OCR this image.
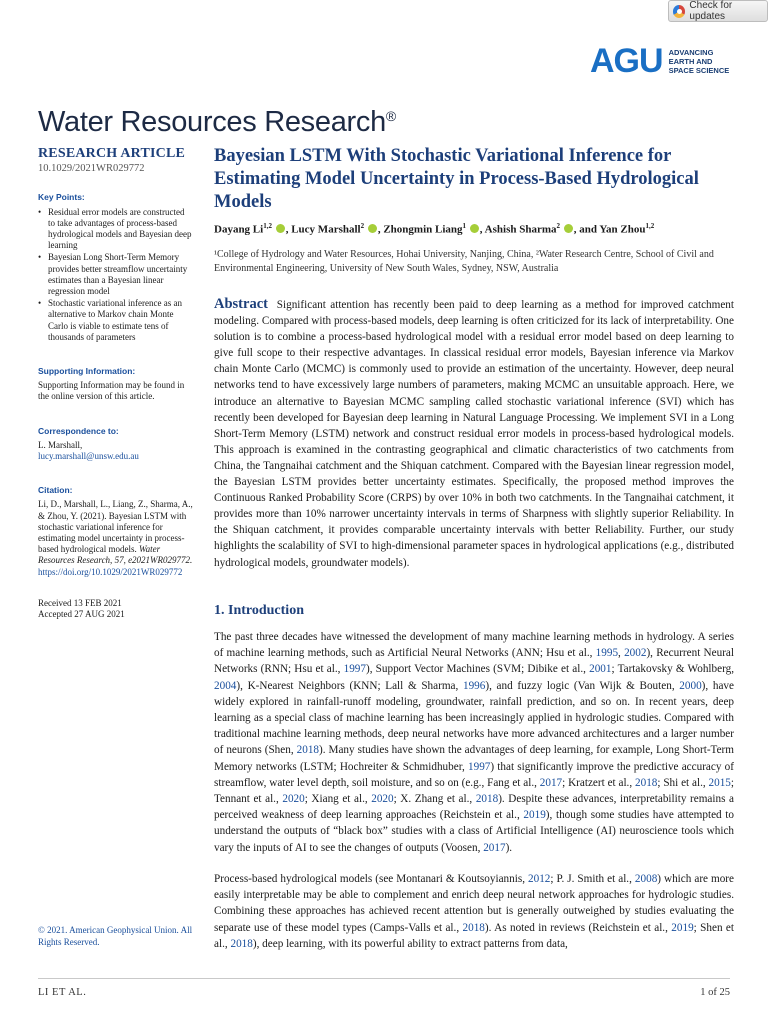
Check for updates
AGU ADVANCING
EARTH AND
SPACE SCIENCE
Water Resources Research®
RESEARCH ARTICLE
10.1029/2021WR029772
Key Points:
• Residual error models are constructed to take advantages of process-based hydrological models and Bayesian deep learning
• Bayesian Long Short-Term Memory provides better streamflow uncertainty estimates than a Bayesian linear regression model
• Stochastic variational inference as an alternative to Markov chain Monte Carlo is viable to estimate tens of thousands of parameters
Supporting Information:
Supporting Information may be found in the online version of this article.
Correspondence to:
L. Marshall,
lucy.marshall@unsw.edu.au
Citation:
Li, D., Marshall, L., Liang, Z., Sharma, A., & Zhou, Y. (2021). Bayesian LSTM with stochastic variational inference for estimating model uncertainty in process-based hydrological models. Water Resources Research, 57, e2021WR029772. https://doi.org/10.1029/2021WR029772
Received 13 FEB 2021
Accepted 27 AUG 2021
Bayesian LSTM With Stochastic Variational Inference for Estimating Model Uncertainty in Process-Based Hydrological Models
Dayang Li$^{1,2}$ , Lucy Marshall$^2$ , Zhongmin Liang$^1$ , Ashish Sharma$^2$ , and Yan Zhou$^{1,2}$
¹College of Hydrology and Water Resources, Hohai University, Nanjing, China, ²Water Research Centre, School of Civil and Environmental Engineering, University of New South Wales, Sydney, NSW, Australia
Abstract Significant attention has recently been paid to deep learning as a method for improved catchment modeling. Compared with process-based models, deep learning is often criticized for its lack of interpretability. One solution is to combine a process-based hydrological model with a residual error model based on deep learning to give full scope to their respective advantages. In classical residual error models, Bayesian inference via Markov chain Monte Carlo (MCMC) is commonly used to provide an estimation of the uncertainty. However, deep neural networks tend to have excessively large numbers of parameters, making MCMC an unsuitable approach. Here, we introduce an alternative to Bayesian MCMC sampling called stochastic variational inference (SVI) which has recently been developed for Bayesian deep learning in Natural Language Processing. We implement SVI in a Long Short-Term Memory (LSTM) network and construct residual error models in process-based hydrological models. This approach is examined in the contrasting geographical and climatic characteristics of two catchments from China, the Tangnaihai catchment and the Shiquan catchment. Compared with the Bayesian linear regression model, the Bayesian LSTM provides better uncertainty estimates. Specifically, the proposed method improves the Continuous Ranked Probability Score (CRPS) by over 10% in both two catchments. In the Tangnaihai catchment, it provides more than 10% narrower uncertainty intervals in terms of Sharpness with slightly superior Reliability. In the Shiquan catchment, it provides comparable uncertainty intervals with better Reliability. Further, our study highlights the scalability of SVI to high-dimensional parameter spaces in hydrological applications (e.g., distributed hydrological models, groundwater models).
1. Introduction
The past three decades have witnessed the development of many machine learning methods in hydrology. A series of machine learning methods, such as Artificial Neural Networks (ANN; Hsu et al., 1995, 2002), Recurrent Neural Networks (RNN; Hsu et al., 1997), Support Vector Machines (SVM; Dibike et al., 2001; Tartakovsky & Wohlberg, 2004), K-Nearest Neighbors (KNN; Lall & Sharma, 1996), and fuzzy logic (Van Wijk & Bouten, 2000), have widely explored in rainfall-runoff modeling, groundwater, rainfall prediction, and so on. In recent years, deep learning as a special class of machine learning has been increasingly applied in hydrologic studies. Compared with traditional machine learning methods, deep neural networks have more advanced architectures and a larger number of neurons (Shen, 2018). Many studies have shown the advantages of deep learning, for example, Long Short-Term Memory networks (LSTM; Hochreiter & Schmidhuber, 1997) that significantly improve the predictive accuracy of streamflow, water level depth, soil moisture, and so on (e.g., Fang et al., 2017; Kratzert et al., 2018; Shi et al., 2015; Tennant et al., 2020; Xiang et al., 2020; X. Zhang et al., 2018). Despite these advances, interpretability remains a perceived weakness of deep learning approaches (Reichstein et al., 2019), though some studies have attempted to understand the outputs of “black box” studies with a class of Artificial Intelligence (AI) neuroscience tools which vary the inputs of AI to see the changes of outputs (Voosen, 2017).
Process-based hydrological models (see Montanari & Koutsoyiannis, 2012; P. J. Smith et al., 2008) which are more easily interpretable may be able to complement and enrich deep neural network approaches for hydrologic studies. Combining these approaches has achieved recent attention but is generally outweighed by studies evaluating the separate use of these model types (Camps-Valls et al., 2018). As noted in reviews (Reichstein et al., 2019; Shen et al., 2018), deep learning, with its powerful ability to extract patterns from data,
© 2021. American Geophysical Union. All Rights Reserved.
LI ET AL.	1 of 25
